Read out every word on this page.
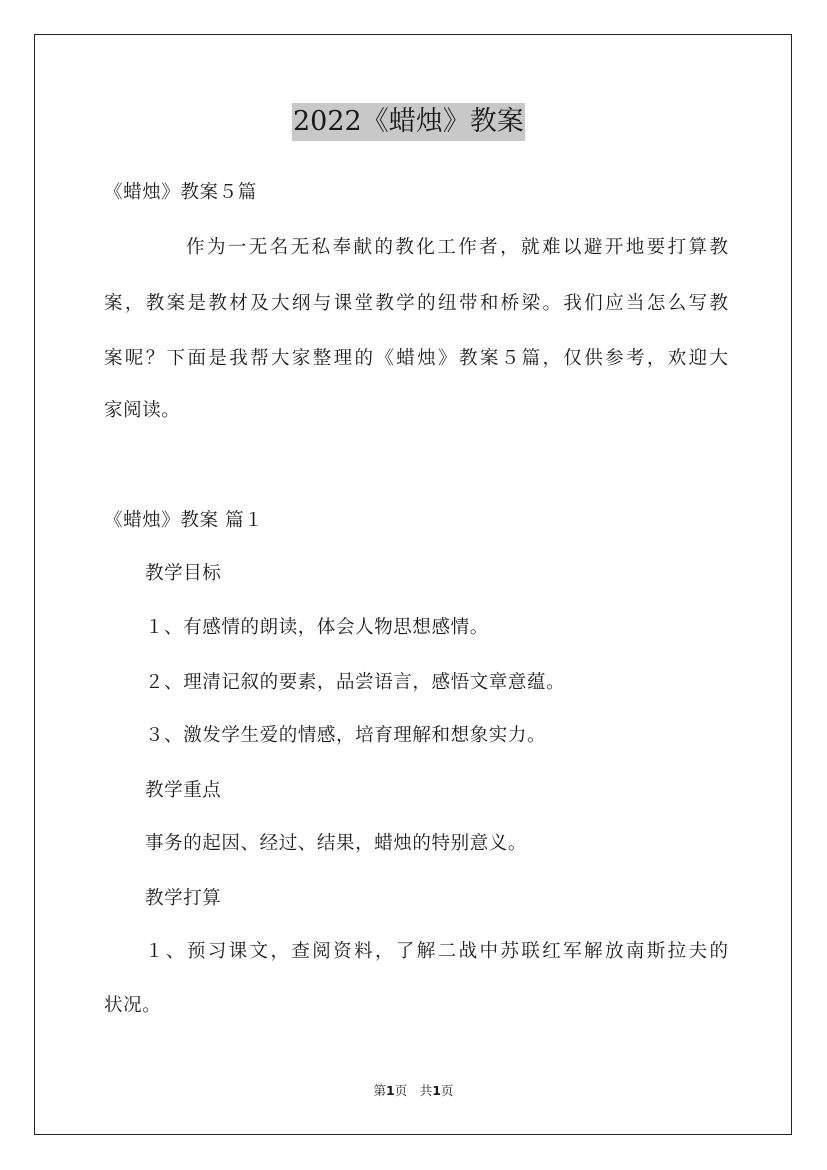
2022《蜡烛》教案
《蜡烛》教案５篇
作为一无名无私奉献的教化工作者，就难以避开地要打算教
案，教案是教材及大纲与课堂教学的纽带和桥梁。我们应当怎么写教
案呢？下面是我帮大家整理的《蜡烛》教案５篇，仅供参考，欢迎大
家阅读。
《蜡烛》教案 篇１
教学目标
１、有感情的朗读，体会人物思想感情。
２、理清记叙的要素，品尝语言，感悟文章意蕴。
３、激发学生爱的情感，培育理解和想象实力。
教学重点
事务的起因、经过、结果，蜡烛的特别意义。
教学打算
１、预习课文，查阅资料，了解二战中苏联红军解放南斯拉夫的
状况。
第1页　共1页
